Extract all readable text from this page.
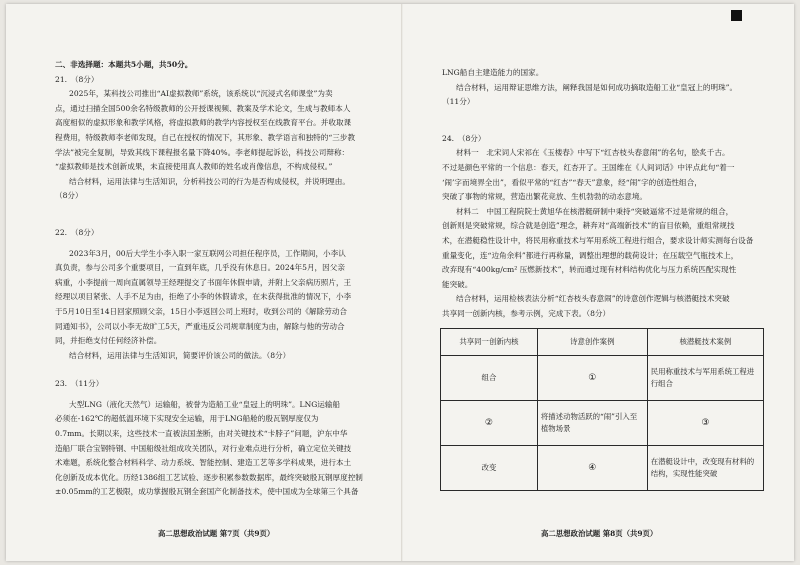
二、非选择题：本题共5小题，共50分。
21.　（8分）
2025年，某科技公司推出“AI虚拟教师”系统，该系统以“沉浸式名师课堂”为卖
点，通过扫描全国500余名特级教师的公开授课视频、教案及学术论文，生成与教师本人
高度相似的虚拟形象和教学风格，将虚拟教师的教学内容授权至在线教育平台。并收取课
程费用，特级教师李老师发现，自己在授权的情况下，其形象、教学语言和独特的“三步教
学法”被完全复制，导致其线下课程报名量下降40%。李老师提起诉讼，科技公司辩称：
“虚拟教师是技术创新成果，未直接使用真人教师的姓名或肖像信息，不构成侵权。”
结合材料，运用法律与生活知识，分析科技公司的行为是否构成侵权，并说明理由。
（8分）
22.　（8分）
2023年3月，00后大学生小李入职一家互联网公司担任程序员，工作期间，小李认
真负责，参与公司多个重要项目，一直到年底，几乎没有休息日。2024年5月，因父亲
病重，小李提前一周向直属领导王经理提交了书面年休假申请，并附上父亲病历照片，王
经理以项目紧张、人手不足为由，拒绝了小李的休假请求，在未获得批准的情况下，小李
于5月10日至14日回家照顾父亲，15日小李返回公司上班时，收到公司的《解除劳动合
同通知书》，公司以小李无故旷工5天，严重违反公司规章制度为由，解除与他的劳动合
同，并拒绝支付任何经济补偿。
结合材料，运用法律与生活知识，简要评价该公司的做法。（8分）
23.　（11分）
大型LNG（液化天然气）运输船，被誉为造船工业“皇冠上的明珠”。LNG运输船
必须在-162℃的超低温环境下实现安全运输，用于LNG船舱的殷瓦钢厚度仅为
0.7mm。长期以来，这些技术一直被法国垄断，由对关键技术“卡脖子”问题，沪东中华
造船厂联合宝钢特钢、中国船级社组成攻关团队，对行业难点进行分析，确立定位关键技
术难题，系统化整合材料科学、动力系统、智能控制、建造工艺等多学科成果，进行本土
化创新及成本优化。历经1386组工艺试验、逐步积累参数数据库，最终突破殷瓦钢厚度控制
±0.05mm的工艺极限，成功掌握殷瓦钢全套国产化制备技术，使中国成为全球第三个具备
高二思想政治试题 第7页（共9页）
LNG船自主建造能力的国家。
结合材料，运用辩证思维方法，阐释我国是如何成功摘取造船工业“皇冠上的明珠”。
（11分）
24.　（8分）
材料一　北宋词人宋祁在《玉楼春》中写下“红杏枝头春意闹”的名句，脍炙千古。
不过是颜色平常的一个信息：春天，红杏开了。王国维在《人间词话》中评点此句“着一
‘闹’字而境界全出”，看似平常的“红杏”“春天”意象，经“闹”字的创造性组合，
突破了事物的常规，营造出繁花竞放、生机勃勃的动态意境。
材料二　中国工程院院士黄旭华在核潜艇研制中秉持“突破逼常不过是常规的组合，
创新则是突破常规，综合就是创造”理念，耕奔对“高端新技术”的盲目依赖，重组常规技
术，在潜艇稳性设计中，将民用称重技术与军用系统工程进行组合，要求设计师实测每台设备
重量变化，连“边角余料”都进行再称量，调整出理想的载荷设计；在压载空气瓶技术上，
改弃现有“400kg/cm² 压燃新技术”，转而通过现有材料结构优化与压力系统匹配实现性
能突破。
结合材料，运用检核表法分析“红杏枝头春意闹”的诗意创作逻辑与核潜艇技术突破
共享同一创新内核，参考示例，完成下表。（8分）
共享同一创新内核	诗意创作案例	核潜艇技术案例
组合	①	民用称重技术与军用系统工程进行组合
②	将描述动物活跃的“闹”引入至植物场景	③
改变	④	在潜艇设计中，改变现有材料的结构，实现性能突破
高二思想政治试题 第8页（共9页）
